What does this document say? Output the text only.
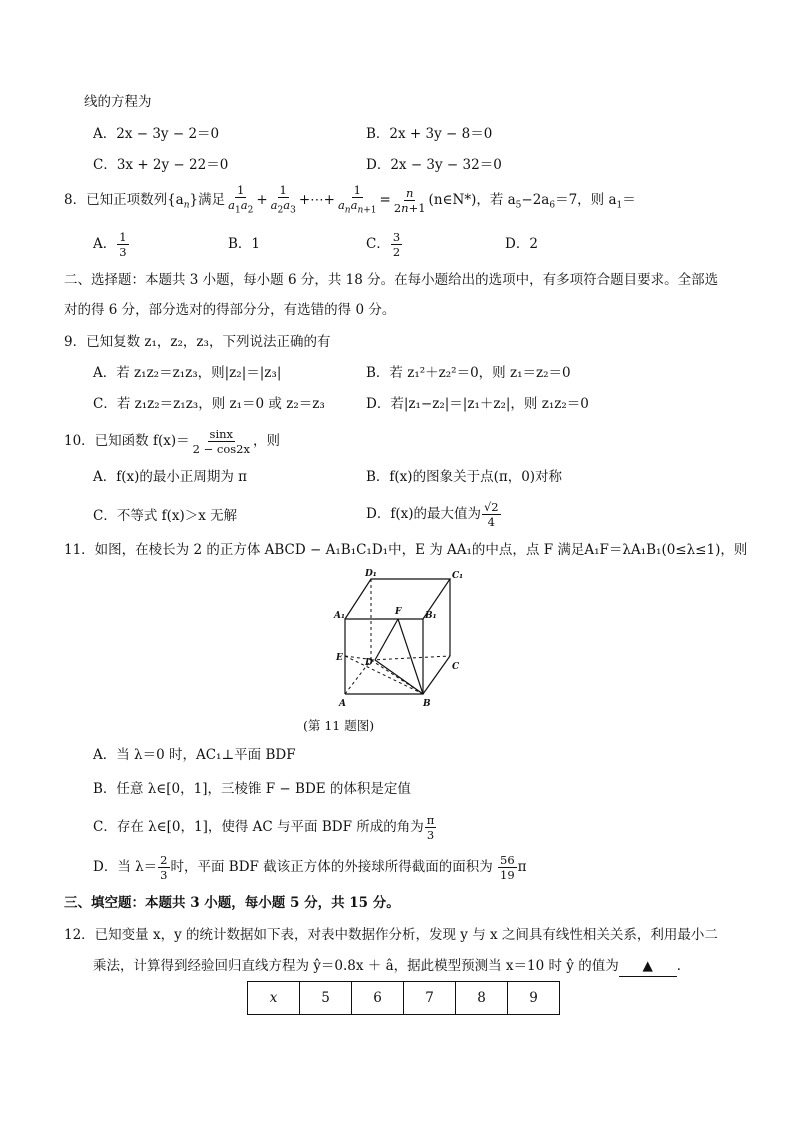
线的方程为
A．2x − 3y − 2＝0	B．2x + 3y − 8＝0
C．3x + 2y − 22＝0	D．2x − 3y − 32＝0
8．已知正项数列$\{a_n\}$满足 $\frac{1}{a_1a_2} + \frac{1}{a_2a_3}$ +⋯+ $\frac{1}{a_na_{n+1}} = \frac{n}{2n+1}$ (n∈N*)，若 $a_5-2a_6=7$，则 $a_1=$
A． $\frac{1}{3}$	B．1	C． $\frac{3}{2}$	D．2
二、选择题：本题共 3 小题，每小题 6 分，共 18 分。在每小题给出的选项中，有多项符合题目要求。全部选
对的得 6 分，部分选对的得部分分，有选错的得 0 分。
9．已知复数 z₁，z₂，z₃，下列说法正确的有
A．若 z₁z₂＝z₁z₃，则|z₂|＝|z₃|	B．若 z₁²＋z₂²＝0，则 z₁＝z₂＝0
C．若 z₁z₂＝z₁z₃，则 z₁＝0 或 z₂＝z₃	D．若|z₁−z₂|＝|z₁＋z₂|，则 z₁z₂＝0
10．已知函数 $f(x)= \frac{\sin x}{2 - \cos 2x}$ ，则
A．f(x)的最小正周期为 π	B．f(x)的图象关于点(π，0)对称
C．不等式 f(x)＞x 无解	D．f(x)的最大值为 $\frac{√2}{4}$
11．如图，在棱长为 2 的正方体 ABCD − A₁B₁C₁D₁中，E 为 AA₁的中点，点 F 满足A₁F＝λA₁B₁(0≤λ≤1)，则
D₁	C₁
A₁	F	B₁
E D	C
A	B
(第 11 题图)
A．当 λ＝0 时，AC₁⊥平面 BDF
B．任意 λ∈[0，1]，三棱锥 F − BDE 的体积是定值
C．存在 λ∈[0，1]，使得 AC 与平面 BDF 所成的角为 $\frac{\pi}{3}$
D．当 $\lambda= \frac{2}{3}$ 时，平面 BDF 截该正方体的外接球所得截面的面积为 $\frac{56}{19}$ π
三、填空题：本题共 3 小题，每小题 5 分，共 15 分。
12．已知变量 x，y 的统计数据如下表，对表中数据作分析，发现 y 与 x 之间具有线性相关关系，利用最小二
乘法，计算得到经验回归直线方程为 ŷ＝0.8x ＋ â，据此模型预测当 x＝10 时 ŷ 的值为 ▲ ．
x	5	6	7	8	9
